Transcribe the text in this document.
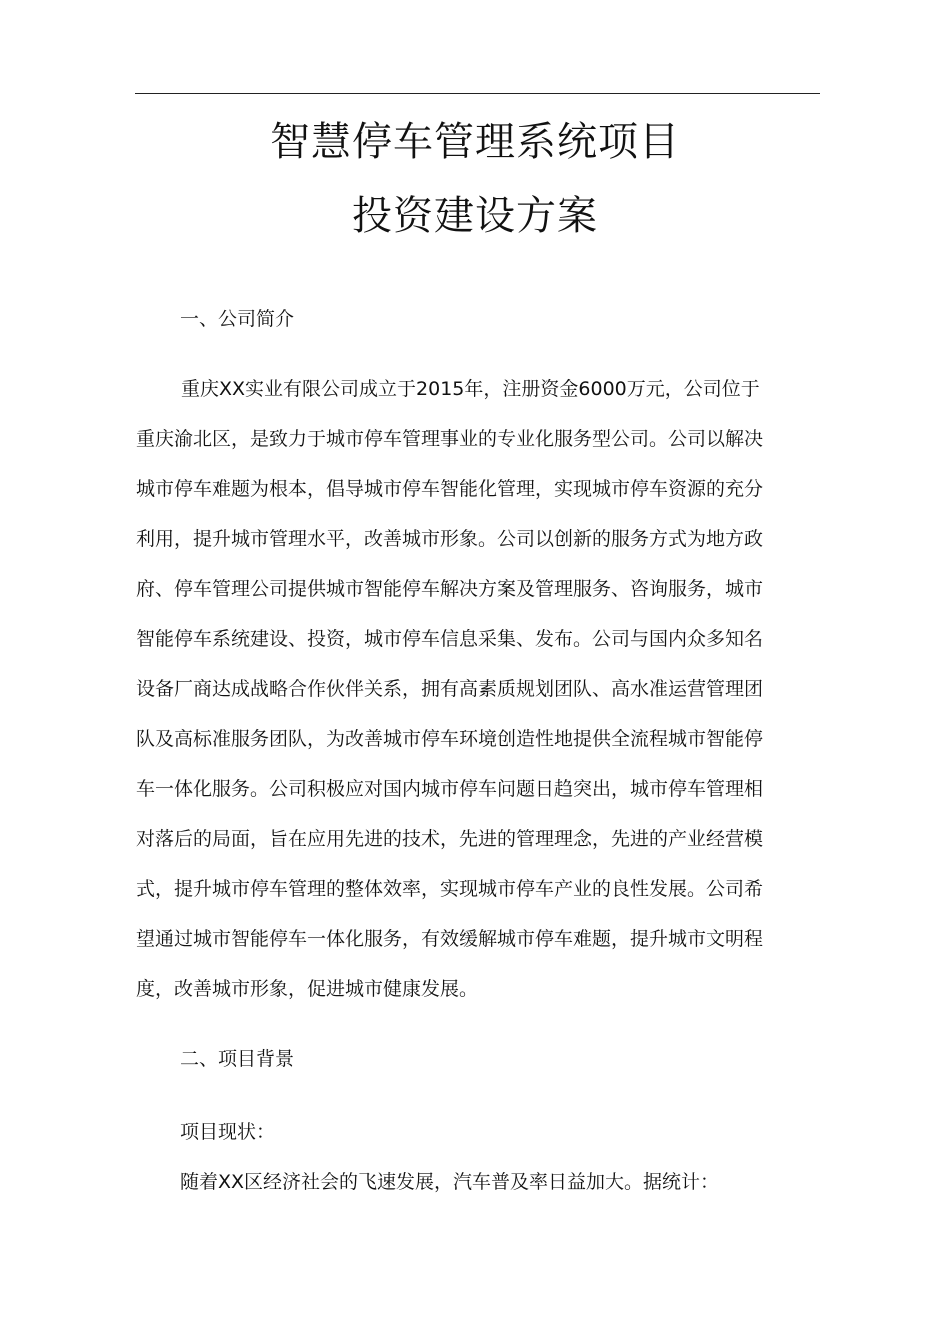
智慧停车管理系统项目
投资建设方案
一、公司简介
重庆XX实业有限公司成立于2015年，注册资金6000万元，公司位于
重庆渝北区，是致力于城市停车管理事业的专业化服务型公司。公司以解决
城市停车难题为根本，倡导城市停车智能化管理，实现城市停车资源的充分
利用，提升城市管理水平，改善城市形象。公司以创新的服务方式为地方政
府、停车管理公司提供城市智能停车解决方案及管理服务、咨询服务，城市
智能停车系统建设、投资，城市停车信息采集、发布。公司与国内众多知名
设备厂商达成战略合作伙伴关系，拥有高素质规划团队、高水准运营管理团
队及高标准服务团队，为改善城市停车环境创造性地提供全流程城市智能停
车一体化服务。公司积极应对国内城市停车问题日趋突出，城市停车管理相
对落后的局面，旨在应用先进的技术，先进的管理理念，先进的产业经营模
式，提升城市停车管理的整体效率，实现城市停车产业的良性发展。公司希
望通过城市智能停车一体化服务，有效缓解城市停车难题，提升城市文明程
度，改善城市形象，促进城市健康发展。
二、项目背景

项目现状：

随着XX区经济社会的飞速发展，汽车普及率日益加大。据统计：
